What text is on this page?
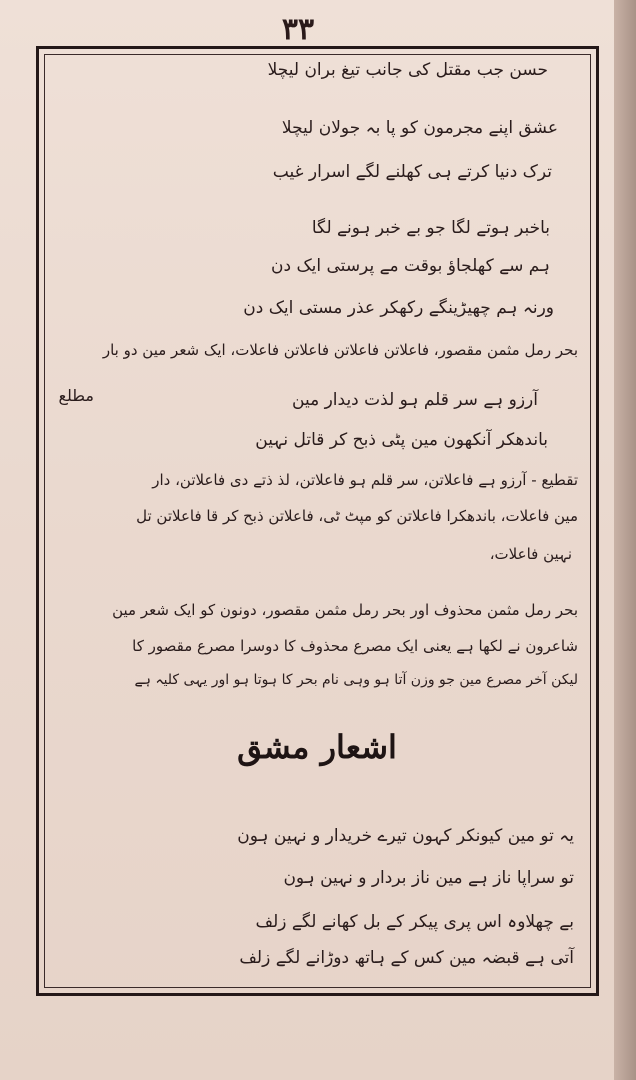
۳۳
حسن جب مقتل کی جانب تیغ بران لیچلا
عشق اپنے مجرمون کو پا بہ جولان لیچلا
ترک دنیا کرتے ہی کھلنے لگے اسرار غیب
باخبر ہوتے لگا جو بے خبر ہونے لگا
ہم سے کھلجاؤ بوقت مے پرستی ایک دن
ورنہ ہم چھیڑینگے رکھکر عذر مستی ایک دن
بحر رمل مثمن مقصور، فاعلاتن فاعلاتن فاعلاتن فاعلات، ایک شعر مین دو بار
مطلع	آرزو ہے سر قلم ہو لذت دیدار مین
باندھکر آنکھون مین پٹی ذبح کر قاتل نہین
تقطیع - آرزو ہے فاعلاتن، سر قلم ہو فاعلاتن، لذ ذتے دی فاعلاتن، دار
مین فاعلات، باندھکرا فاعلاتن کو مپٹ ٹی، فاعلاتن ذبح کر قا فاعلاتن تل
نہین فاعلات،
بحر رمل مثمن محذوف اور بحر رمل مثمن مقصور، دونون کو ایک شعر مین
شاعرون نے لکھا ہے یعنی ایک مصرع محذوف کا دوسرا مصرع مقصور کا
لیکن آخر مصرع مین جو وزن آتا ہو وہی نام بحر کا ہوتا ہو اور یہی کلیہ ہے
اشعار مشق
یہ تو مین کیونکر کہون تیرے خریدار و نہین ہون
تو سراپا ناز ہے مین ناز بردار و نہین ہون
بے چھلاوہ اس پری پیکر کے بل کھانے لگے زلف
آتی ہے قبضہ مین کس کے ہاتھ دوڑانے لگے زلف
